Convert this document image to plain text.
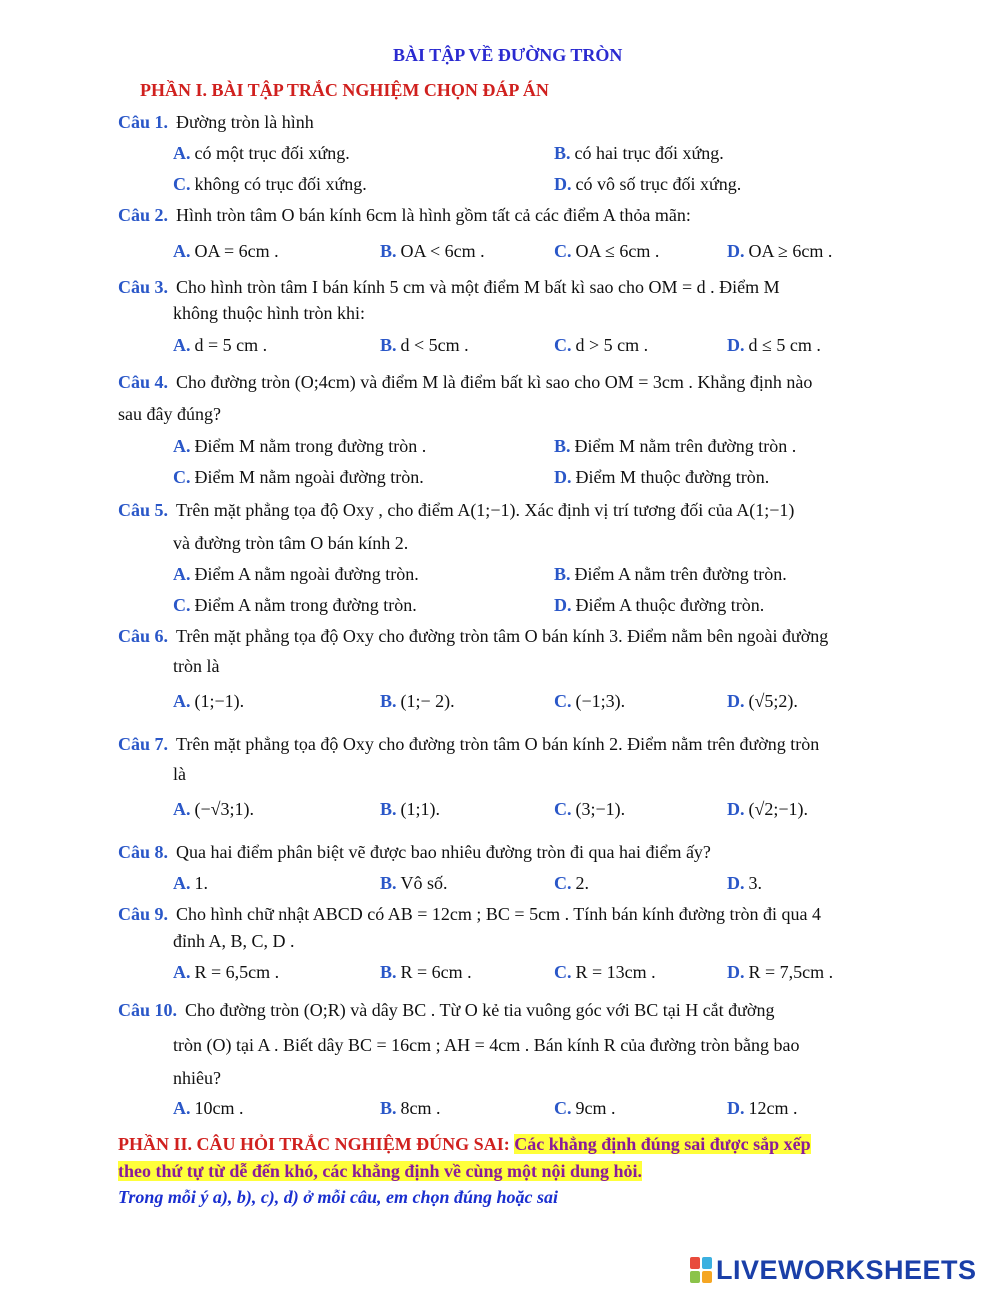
BÀI TẬP VỀ ĐƯỜNG TRÒN
PHẦN I. BÀI TẬP TRẮC NGHIỆM CHỌN ĐÁP ÁN
Câu 1. Đường tròn là hình
A. có một trục đối xứng.	B. có hai trục đối xứng.
C. không có trục đối xứng.	D. có vô số trục đối xứng.
Câu 2. Hình tròn tâm O bán kính 6cm là hình gồm tất cả các điểm A thỏa mãn:
A. OA = 6cm .	B. OA < 6cm .	C. OA ≤ 6cm .	D. OA ≥ 6cm .
Câu 3. Cho hình tròn tâm I bán kính 5 cm và một điểm M bất kì sao cho OM = d . Điểm M
không thuộc hình tròn khi:
A. d = 5 cm .	B. d < 5cm .	C. d > 5 cm .	D. d ≤ 5 cm .
Câu 4. Cho đường tròn (O;4cm) và điểm M là điểm bất kì sao cho OM = 3cm . Khẳng định nào
sau đây đúng?
A. Điểm M nằm trong đường tròn .	B. Điểm M nằm trên đường tròn .
C. Điểm M nằm ngoài đường tròn.	D. Điểm M thuộc đường tròn.
Câu 5. Trên mặt phẳng tọa độ Oxy , cho điểm A(1;−1). Xác định vị trí tương đối của A(1;−1)
và đường tròn tâm O bán kính 2.
A. Điểm A nằm ngoài đường tròn.	B. Điểm A nằm trên đường tròn.
C. Điểm A nằm trong đường tròn.	D. Điểm A thuộc đường tròn.
Câu 6. Trên mặt phẳng tọa độ Oxy cho đường tròn tâm O bán kính 3. Điểm nằm bên ngoài đường
tròn là
A. (1;−1).	B. (1;− 2).	C. (−1;3).	D. (√5;2).
Câu 7. Trên mặt phẳng tọa độ Oxy cho đường tròn tâm O bán kính 2. Điểm nằm trên đường tròn
là
A. (−√3;1).	B. (1;1).	C. (3;−1).	D. (√2;−1).
Câu 8. Qua hai điểm phân biệt vẽ được bao nhiêu đường tròn đi qua hai điểm ấy?
A. 1.	B. Vô số.	C. 2.	D. 3.
Câu 9. Cho hình chữ nhật ABCD có AB = 12cm ; BC = 5cm . Tính bán kính đường tròn đi qua 4
đỉnh A, B, C, D .
A. R = 6,5cm .	B. R = 6cm .	C. R = 13cm .	D. R = 7,5cm .
Câu 10. Cho đường tròn (O;R) và dây BC . Từ O kẻ tia vuông góc với BC tại H cắt đường
tròn (O) tại A . Biết dây BC = 16cm ; AH = 4cm . Bán kính R của đường tròn bằng bao
nhiêu?
A. 10cm .	B. 8cm .	C. 9cm .	D. 12cm .
PHẦN II. CÂU HỎI TRẮC NGHIỆM ĐÚNG SAI: Các khẳng định đúng sai được sắp xếp
theo thứ tự từ dễ đến khó, các khẳng định về cùng một nội dung hỏi.
Trong mỗi ý a), b), c), d) ở mỗi câu, em chọn đúng hoặc sai
LIVEWORKSHEETS
